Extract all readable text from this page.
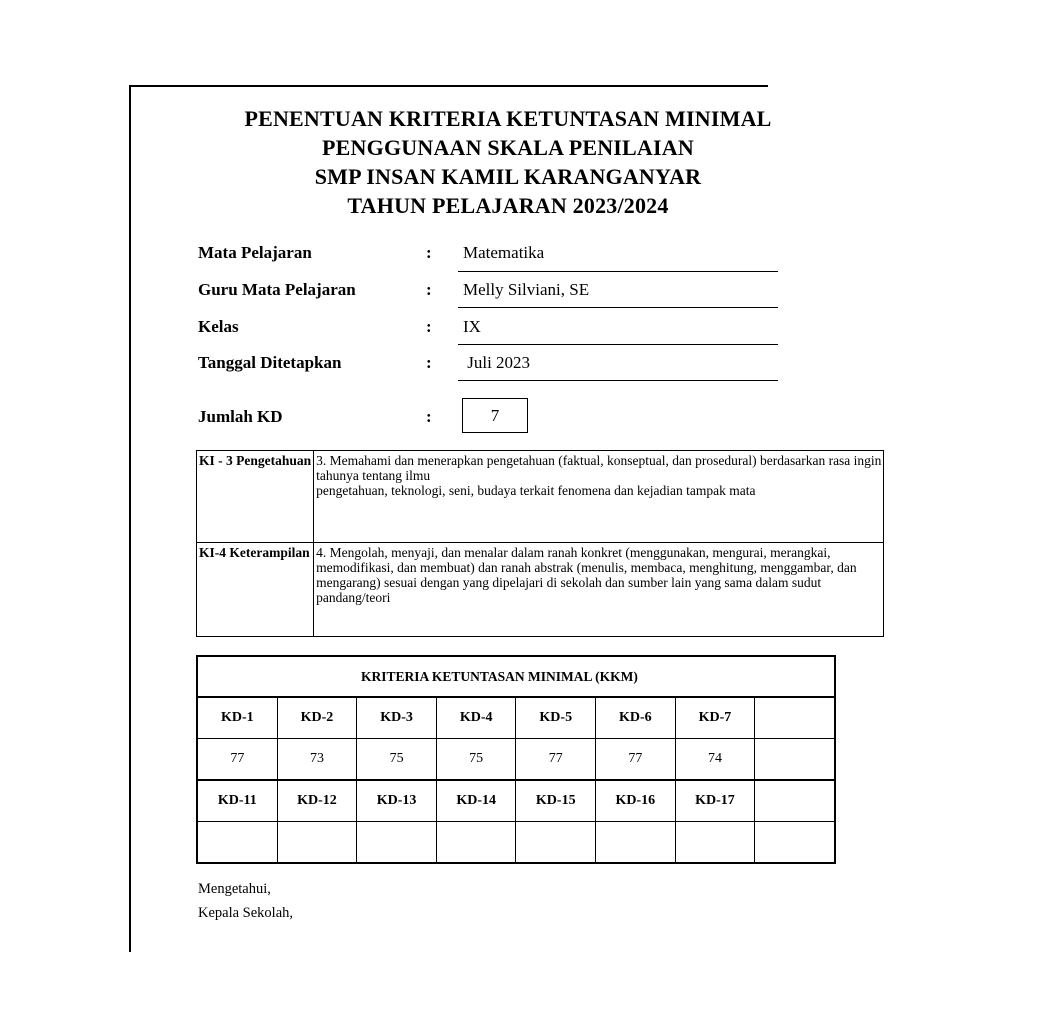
PENENTUAN KRITERIA KETUNTASAN MINIMAL
PENGGUNAAN SKALA PENILAIAN
SMP INSAN KAMIL KARANGANYAR
TAHUN PELAJARAN 2023/2024
Mata Pelajaran	: Matematika
Guru Mata Pelajaran	: Melly Silviani, SE
Kelas	: IX
Tanggal Ditetapkan	: Juli 2023
Jumlah KD	:	7
KI - 3 Pengetahuan	3. Memahami dan menerapkan pengetahuan (faktual, konseptual, dan prosedural) berdasarkan rasa ingin
tahunya tentang ilmu
pengetahuan, teknologi, seni, budaya terkait fenomena dan kejadian tampak mata

KI-4 Keterampilan	4. Mengolah, menyaji, dan menalar dalam ranah konkret (menggunakan, mengurai, merangkai,
memodifikasi, dan membuat) dan ranah abstrak (menulis, membaca, menghitung, menggambar, dan
mengarang) sesuai dengan yang dipelajari di sekolah dan sumber lain yang sama dalam sudut
pandang/teori
KRITERIA KETUNTASAN MINIMAL (KKM)							
KD-1	KD-2	KD-3	KD-4	KD-5	KD-6	KD-7	
77	73	75	75	77	77	74	
KD-11	KD-12	KD-13	KD-14	KD-15	KD-16	KD-17	

Mengetahui,
Kepala Sekolah,
